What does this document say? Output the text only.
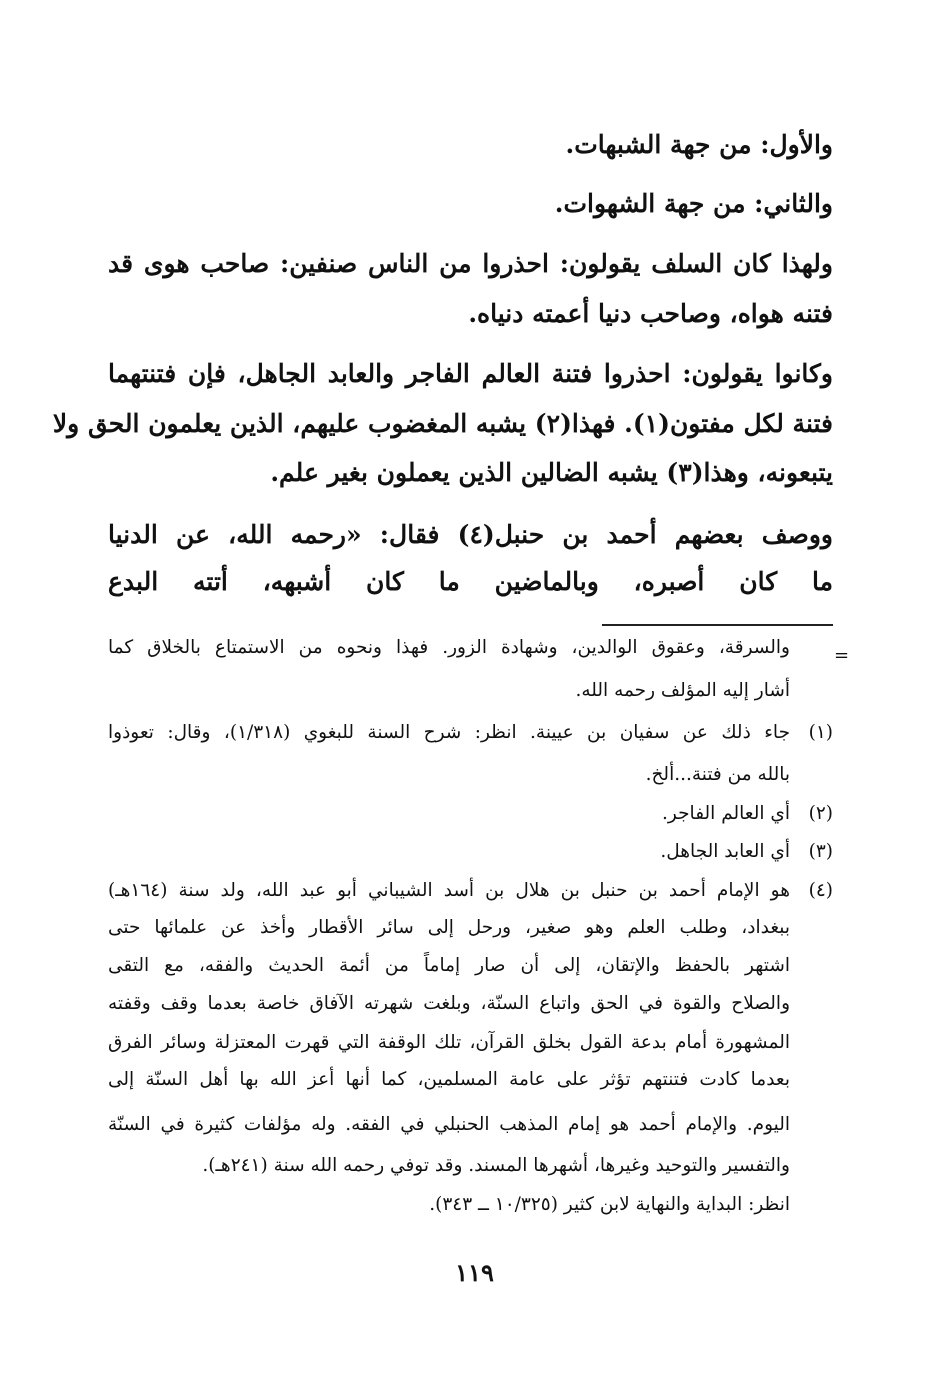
والأول: من جهة الشبهات.
والثاني: من جهة الشهوات.
ولهذا كان السلف يقولون: احذروا من الناس صنفين: صاحب هوى قد
فتنه هواه، وصاحب دنيا أعمته دنياه.
وكانوا يقولون: احذروا فتنة العالم الفاجر والعابد الجاهل، فإن فتنتهما
فتنة لكل مفتون(١). فهذا(٢) يشبه المغضوب عليهم، الذين يعلمون الحق ولا
يتبعونه، وهذا(٣) يشبه الضالين الذين يعملون بغير علم.
ووصف بعضهم أحمد بن حنبل(٤) فقال: «رحمه الله، عن الدنيا
ما كان أصبره، وبالماضين ما كان أشبهه، أتته البدع
=
والسرقة، وعقوق الوالدين، وشهادة الزور. فهذا ونحوه من الاستمتاع بالخلاق كما
أشار إليه المؤلف رحمه الله.
جاء ذلك عن سفيان بن عيينة. انظر: شرح السنة للبغوي (١/٣١٨)، وقال: تعوذوا
بالله من فتنة...ألخ.
أي العالم الفاجر.
أي العابد الجاهل.
هو الإمام أحمد بن حنبل بن هلال بن أسد الشيباني أبو عبد الله، ولد سنة (١٦٤هـ)
ببغداد، وطلب العلم وهو صغير، ورحل إلى سائر الأقطار وأخذ عن علمائها حتى
اشتهر بالحفظ والإتقان، إلى أن صار إماماً من أئمة الحديث والفقه، مع التقى
والصلاح والقوة في الحق واتباع السنّة، وبلغت شهرته الآفاق خاصة بعدما وقف وقفته
المشهورة أمام بدعة القول بخلق القرآن، تلك الوقفة التي قهرت المعتزلة وسائر الفرق
بعدما كادت فتنتهم تؤثر على عامة المسلمين، كما أنها أعز الله بها أهل السنّة إلى
اليوم. والإمام أحمد هو إمام المذهب الحنبلي في الفقه. وله مؤلفات كثيرة في السنّة
والتفسير والتوحيد وغيرها، أشهرها المسند. وقد توفي رحمه الله سنة (٢٤١هـ).
انظر: البداية والنهاية لابن كثير (١٠/٣٢٥ ــ ٣٤٣).
(١)
(٢)
(٣)
(٤)
١١٩
